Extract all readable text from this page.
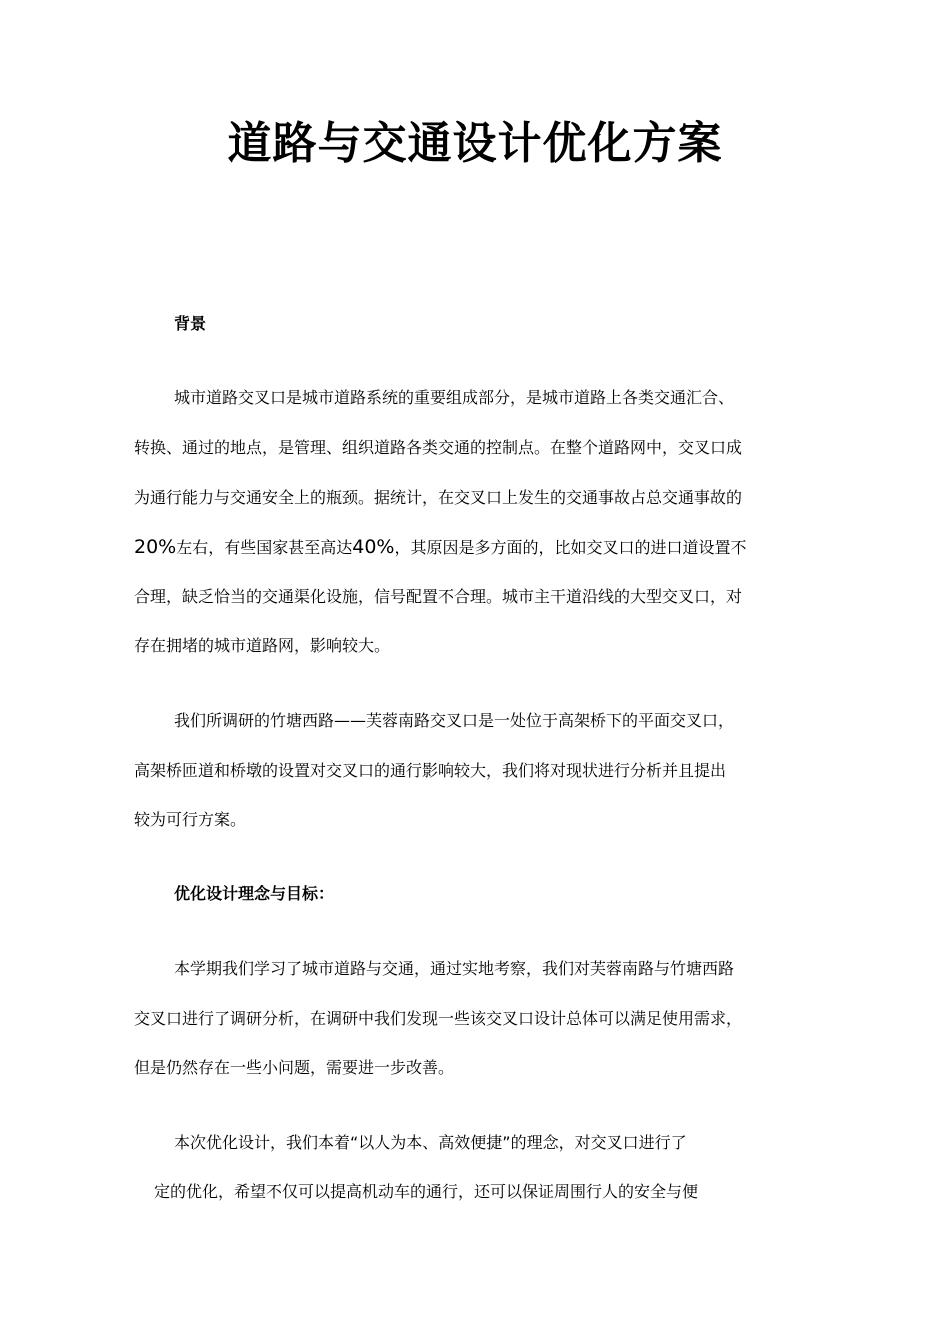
道路与交通设计优化方案
背景
城市道路交叉口是城市道路系统的重要组成部分，是城市道路上各类交通汇合、
转换、通过的地点，是管理、组织道路各类交通的控制点。在整个道路网中，交叉口成
为通行能力与交通安全上的瓶颈。据统计，在交叉口上发生的交通事故占总交通事故的
20%左右，有些国家甚至高达40%，其原因是多方面的，比如交叉口的进口道设置不
合理，缺乏恰当的交通渠化设施，信号配置不合理。城市主干道沿线的大型交叉口，对
存在拥堵的城市道路网，影响较大。
我们所调研的竹塘西路——芙蓉南路交叉口是一处位于高架桥下的平面交叉口，
高架桥匝道和桥墩的设置对交叉口的通行影响较大，我们将对现状进行分析并且提出
较为可行方案。
优化设计理念与目标：
本学期我们学习了城市道路与交通，通过实地考察，我们对芙蓉南路与竹塘西路
交叉口进行了调研分析，在调研中我们发现一些该交叉口设计总体可以满足使用需求，
但是仍然存在一些小问题，需要进一步改善。
本次优化设计，我们本着“以人为本、高效便捷”的理念，对交叉口进行了
定的优化，希望不仅可以提高机动车的通行，还可以保证周围行人的安全与便
